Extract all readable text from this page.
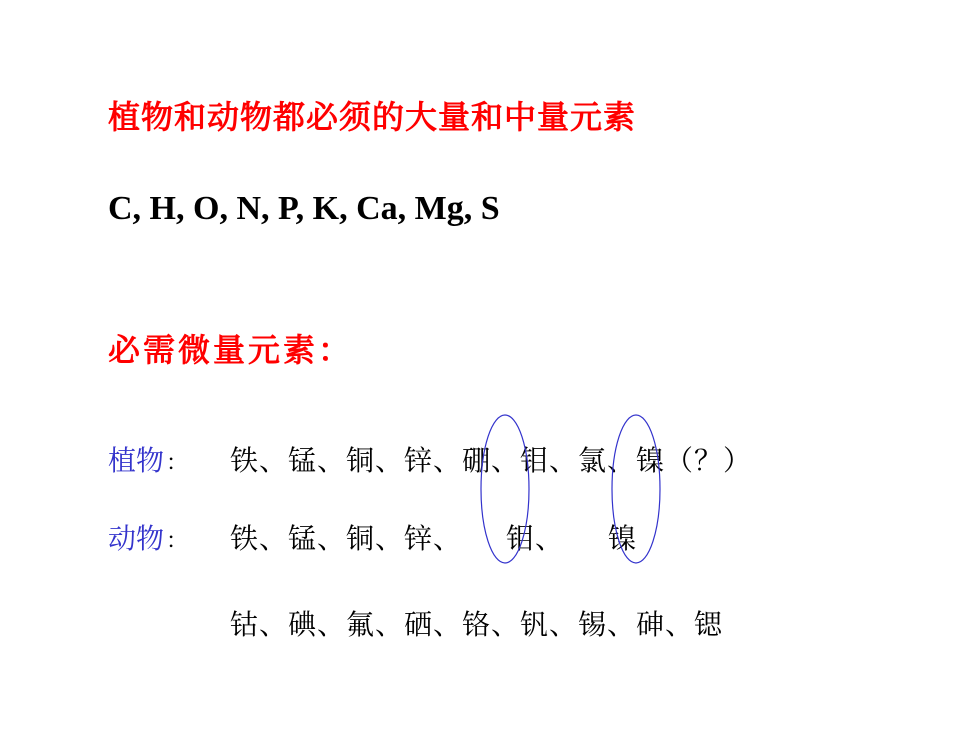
植物和动物都必须的大量和中量元素
C, H, O, N, P, K, Ca, Mg, S
必需微量元素：
植物： 铁、锰、铜、锌、硼、钼、氯、镍（？）
动物： 铁、锰、铜、锌、　　钼、　　镍
钴、碘、氟、硒、铬、钒、锡、砷、锶
